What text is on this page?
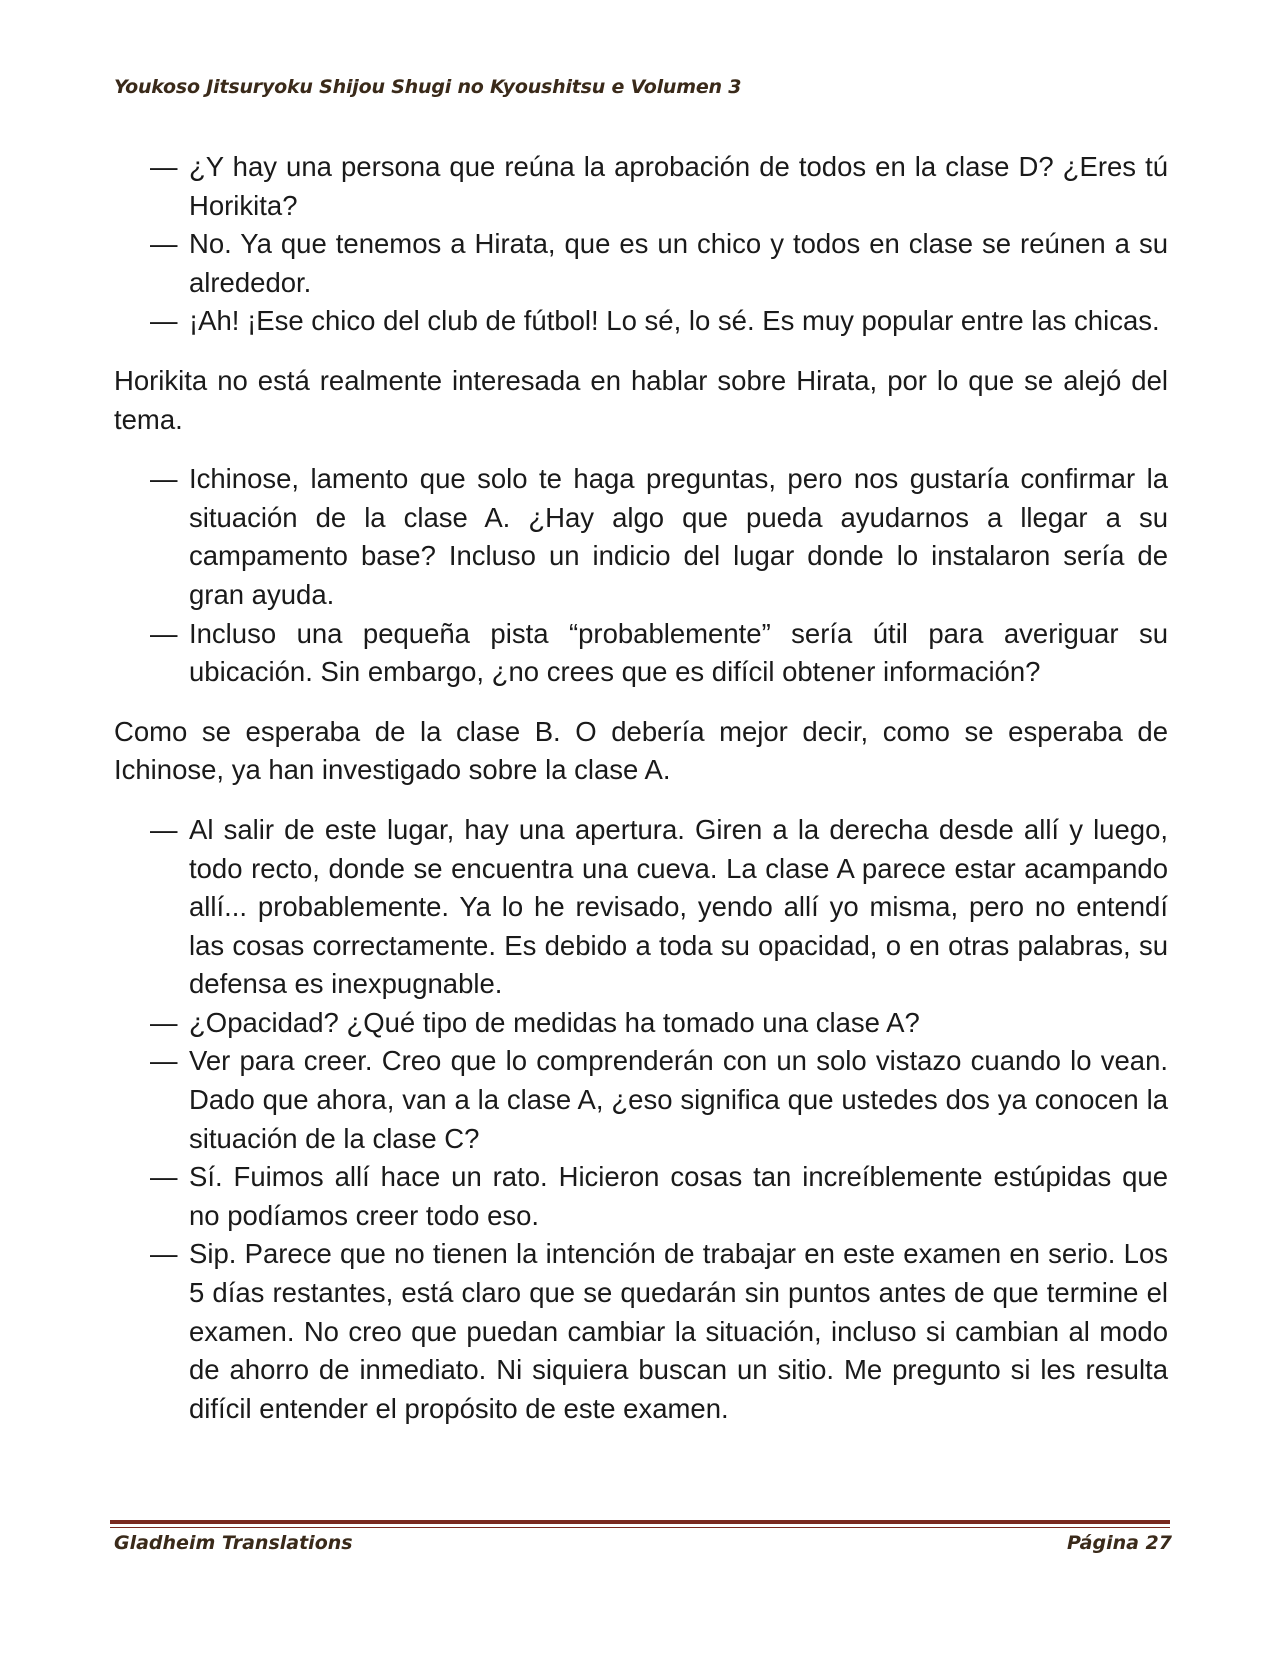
Youkoso Jitsuryoku Shijou Shugi no Kyoushitsu e Volumen 3

— ¿Y hay una persona que reúna la aprobación de todos en la clase D? ¿Eres tú Horikita?

— No. Ya que tenemos a Hirata, que es un chico y todos en clase se reúnen a su alrededor.

— ¡Ah! ¡Ese chico del club de fútbol! Lo sé, lo sé. Es muy popular entre las chicas.

Horikita no está realmente interesada en hablar sobre Hirata, por lo que se alejó del tema.

— Ichinose, lamento que solo te haga preguntas, pero nos gustaría confirmar la situación de la clase A. ¿Hay algo que pueda ayudarnos a llegar a su campamento base? Incluso un indicio del lugar donde lo instalaron sería de gran ayuda.

— Incluso una pequeña pista “probablemente” sería útil para averiguar su ubicación. Sin embargo, ¿no crees que es difícil obtener información?

Como se esperaba de la clase B. O debería mejor decir, como se esperaba de Ichinose, ya han investigado sobre la clase A.

— Al salir de este lugar, hay una apertura. Giren a la derecha desde allí y luego, todo recto, donde se encuentra una cueva. La clase A parece estar acampando allí... probablemente. Ya lo he revisado, yendo allí yo misma, pero no entendí las cosas correctamente. Es debido a toda su opacidad, o en otras palabras, su defensa es inexpugnable.

— ¿Opacidad? ¿Qué tipo de medidas ha tomado una clase A?

— Ver para creer. Creo que lo comprenderán con un solo vistazo cuando lo vean. Dado que ahora, van a la clase A, ¿eso significa que ustedes dos ya conocen la situación de la clase C?

— Sí. Fuimos allí hace un rato. Hicieron cosas tan increíblemente estúpidas que no podíamos creer todo eso.

— Sip. Parece que no tienen la intención de trabajar en este examen en serio. Los 5 días restantes, está claro que se quedarán sin puntos antes de que termine el examen. No creo que puedan cambiar la situación, incluso si cambian al modo de ahorro de inmediato. Ni siquiera buscan un sitio. Me pregunto si les resulta difícil entender el propósito de este examen.

Gladheim Translations	Página 27
